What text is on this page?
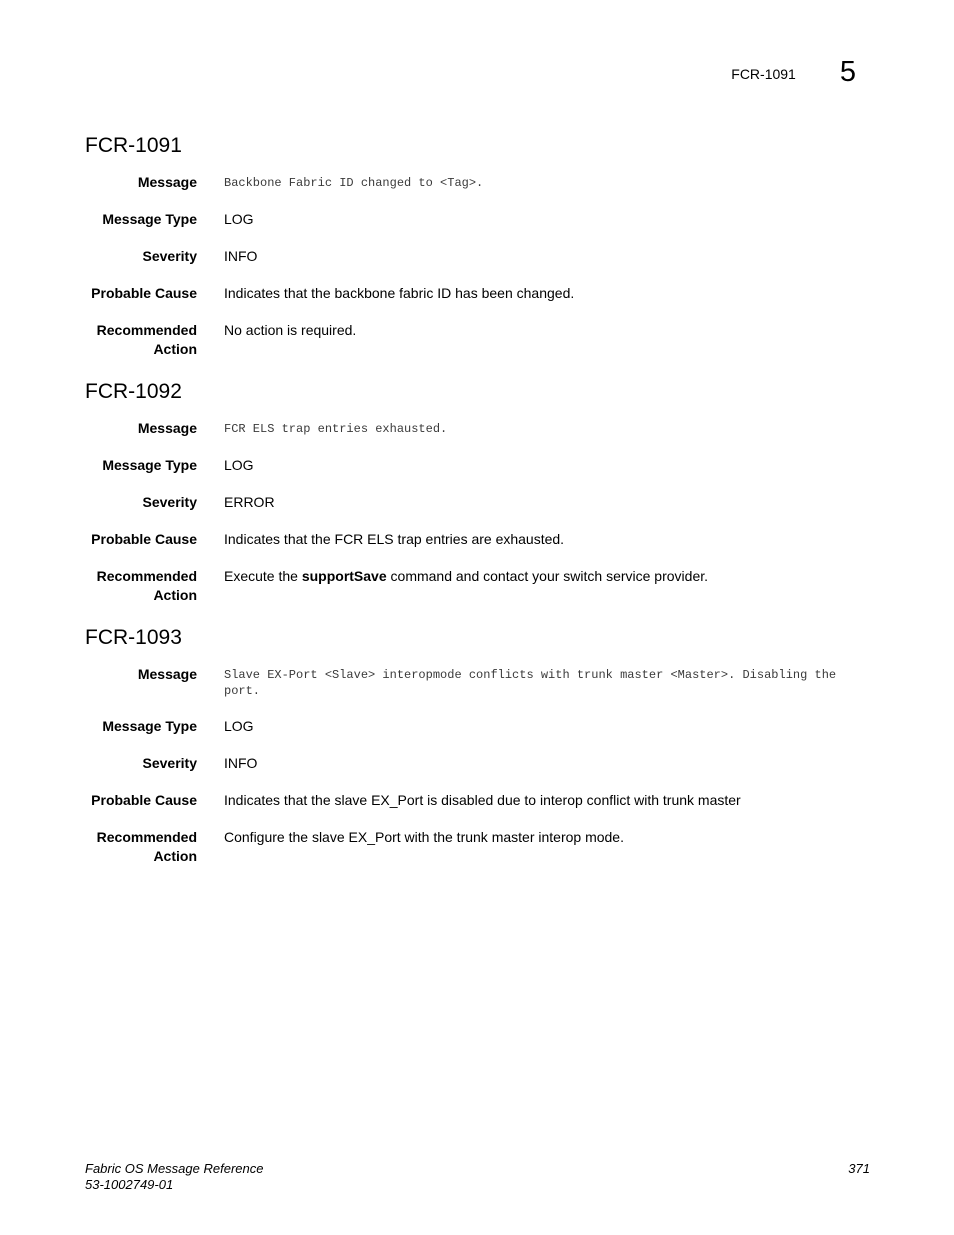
FCR-1091 5
FCR-1091
Message Backbone Fabric ID changed to <Tag>.
Message Type LOG
Severity INFO
Probable Cause Indicates that the backbone fabric ID has been changed.
Recommended
Action
No action is required.
FCR-1092
Message FCR ELS trap entries exhausted.
Message Type LOG
Severity ERROR
Probable Cause Indicates that the FCR ELS trap entries are exhausted.
Recommended
Action
Execute the supportSave command and contact your switch service provider.
FCR-1093
Message Slave EX-Port <Slave> interopmode conflicts with trunk master <Master>. Disabling the port.
Message Type LOG
Severity INFO
Probable Cause Indicates that the slave EX_Port is disabled due to interop conflict with trunk master
Recommended
Action
Configure the slave EX_Port with the trunk master interop mode.
Fabric OS Message Reference
53-1002749-01
371
